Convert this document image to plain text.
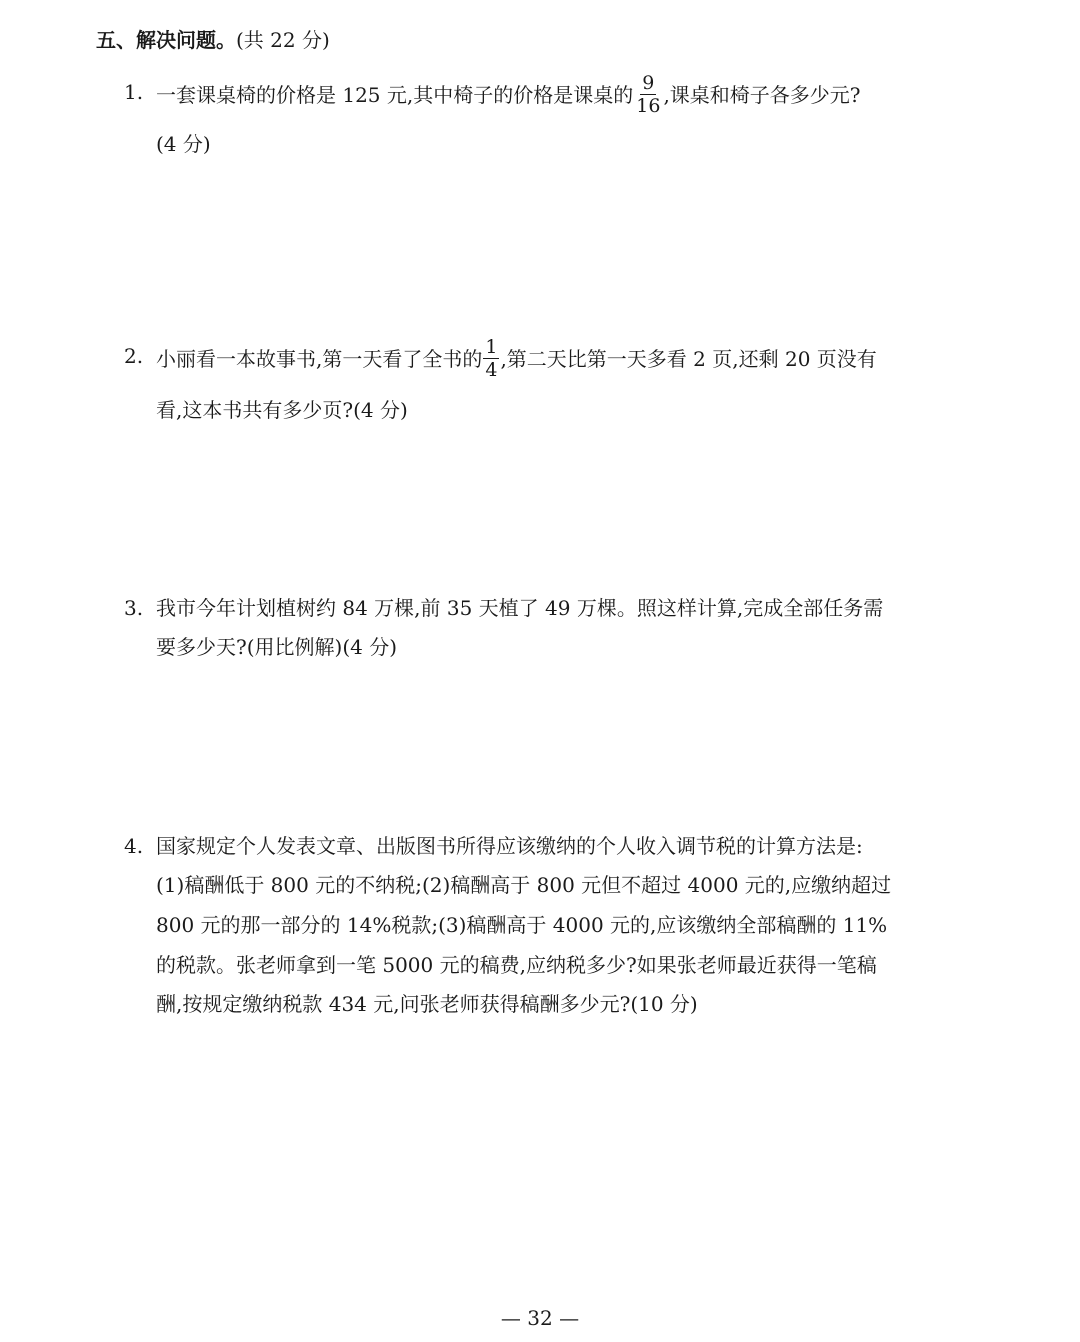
五、解决问题。(共 22 分)
1. 一套课桌椅的价格是 125 元,其中椅子的价格是课桌的 $\frac{9}{16}$ ,课桌和椅子各多少元?
(4 分)
2. 小丽看一本故事书,第一天看了全书的 $\frac{1}{4}$ ,第二天比第一天多看 2 页,还剩 20 页没有
看,这本书共有多少页?(4 分)
3. 我市今年计划植树约 84 万棵,前 35 天植了 49 万棵。照这样计算,完成全部任务需
要多少天?(用比例解)(4 分)
4. 国家规定个人发表文章、出版图书所得应该缴纳的个人收入调节税的计算方法是:
(1)稿酬低于 800 元的不纳税;(2)稿酬高于 800 元但不超过 4000 元的,应缴纳超过
800 元的那一部分的 14%税款;(3)稿酬高于 4000 元的,应该缴纳全部稿酬的 11%
的税款。张老师拿到一笔 5000 元的稿费,应纳税多少?如果张老师最近获得一笔稿
酬,按规定缴纳税款 434 元,问张老师获得稿酬多少元?(10 分)
— 32 —
